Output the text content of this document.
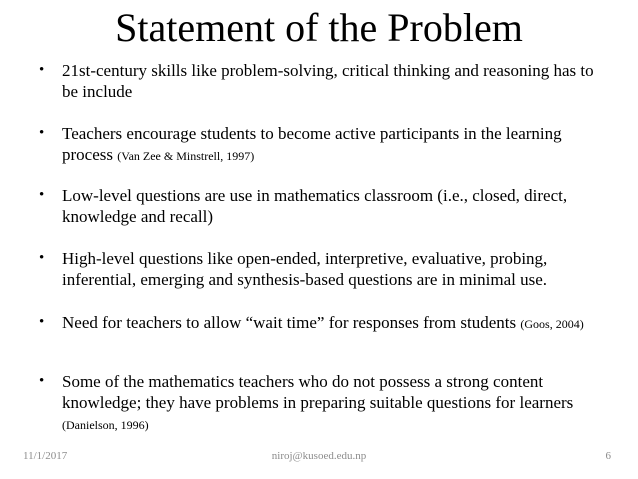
Statement of the Problem
• 21st-century skills like problem-solving, critical thinking and reasoning has to be include
• Teachers encourage students to become active participants in the learning process (Van Zee & Minstrell, 1997)
• Low-level questions are use in mathematics classroom (i.e., closed, direct, knowledge and recall)
• High-level questions like open-ended, interpretive, evaluative, probing, inferential, emerging and synthesis-based questions are in minimal use.
• Need for teachers to allow “wait time” for responses from students (Goos, 2004)
• Some of the mathematics teachers who do not possess a strong content knowledge; they have problems in preparing suitable questions for learners (Danielson, 1996)
11/1/2017	niroj@kusoed.edu.np	6
